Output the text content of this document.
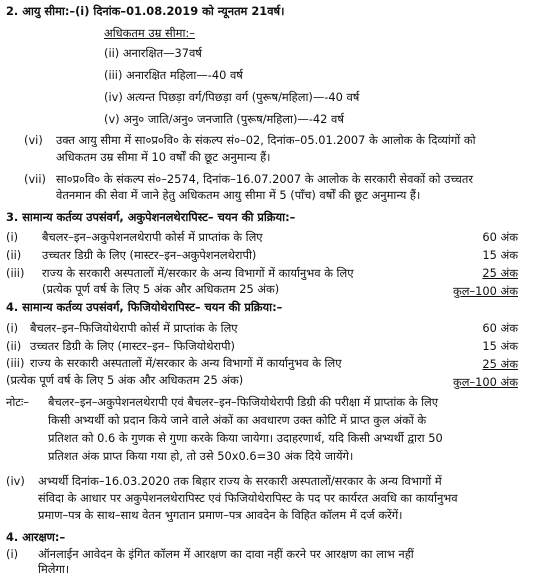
2. आयु सीमा:–(i) दिनांक–01.08.2019 को न्यूनतम 21वर्ष।
अधिकतम उम्र सीमा:–
(ii) अनारक्षित—37वर्ष
(iii) अनारक्षित महिला—-40 वर्ष
(iv) अत्यन्त पिछड़ा वर्ग/पिछड़ा वर्ग (पुरूष/महिला)—-40 वर्ष
(v) अनु० जाति/अनु० जनजाति (पुरूष/महिला)—-42 वर्ष
(vi) उक्त आयु सीमा में सा०प्र०वि० के संकल्प सं०–02, दिनांक–05.01.2007 के आलोक के दिव्यांगों को
अधिकतम उम्र सीमा में 10 वर्षों की छूट अनुमान्य हैं।
(vii) सा०प्र०वि० के संकल्प सं०–2574, दिनांक–16.07.2007 के आलोक के सरकारी सेवकों को उच्चतर
वेतनमान की सेवा में जाने हेतु अधिकतम आयु सीमा में 5 (पाँच) वर्षों की छूट अनुमान्य हैं।
3. सामान्य कर्तव्य उपसंवर्ग, अकुपेशनलथेरापिस्ट– चयन की प्रक्रिया:–
(i) बैचलर–इन–अकुपेशनलथेरापी कोर्स में प्राप्तांक के लिए	60 अंक
(ii) उच्चतर डिग्री के लिए (मास्टर–इन–अकुपेशनलथेरापी)	15 अंक
(iii) राज्य के सरकारी अस्पतालों में/सरकार के अन्य विभागों में कार्यानुभव के लिए	25 अंक
(प्रत्येक पूर्ण वर्ष के लिए 5 अंक और अधिकतम 25 अंक)	कुल–100 अंक
4. सामान्य कर्तव्य उपसंवर्ग, फिजियोथेरापिस्ट– चयन की प्रक्रिया:–
(i) बैचलर–इन–फिजियोथेरापी कोर्स में प्राप्तांक के लिए	60 अंक
(ii) उच्चतर डिग्री के लिए (मास्टर–इन– फिजियोथेरापी)	15 अंक
(iii) राज्य के सरकारी अस्पतालों में/सरकार के अन्य विभागों में कार्यानुभव के लिए	25 अंक
(प्रत्येक पूर्ण वर्ष के लिए 5 अंक और अधिकतम 25 अंक)	कुल–100 अंक
नोटः– बैचलर–इन–अकुपेशनलथेरापी एवं बैचलर–इन–फिजियोथेरापी डिग्री की परीक्षा में प्राप्तांक के लिए
किसी अभ्यर्थी को प्रदान किये जाने वाले अंकों का अवधारण उक्त कोटि में प्राप्त कुल अंकों के
प्रतिशत को 0.6 के गुणक से गुणा करके किया जायेगा। उदाहरणार्थ, यदि किसी अभ्यर्थी द्वारा 50
प्रतिशत अंक प्राप्त किया गया हो, तो उसे 50x0.6=30 अंक दिये जायेंगे।
(iv) अभ्यर्थी दिनांक–16.03.2020 तक बिहार राज्य के सरकारी अस्पतालों/सरकार के अन्य विभागों में
संविदा के आधार पर अकुपेशनलथेरापिस्ट एवं फिजियोथेरापिस्ट के पद पर कार्यरत अवधि का कार्यानुभव
प्रमाण–पत्र के साथ–साथ वेतन भुगतान प्रमाण–पत्र आवदेन के विहित कॉलम में दर्ज करेंगें।
4. आरक्षण:–
(i) ऑनलाईन आवेदन के इंगित कॉलम में आरक्षण का दावा नहीं करने पर आरक्षण का लाभ नहीं
मिलेगा।
